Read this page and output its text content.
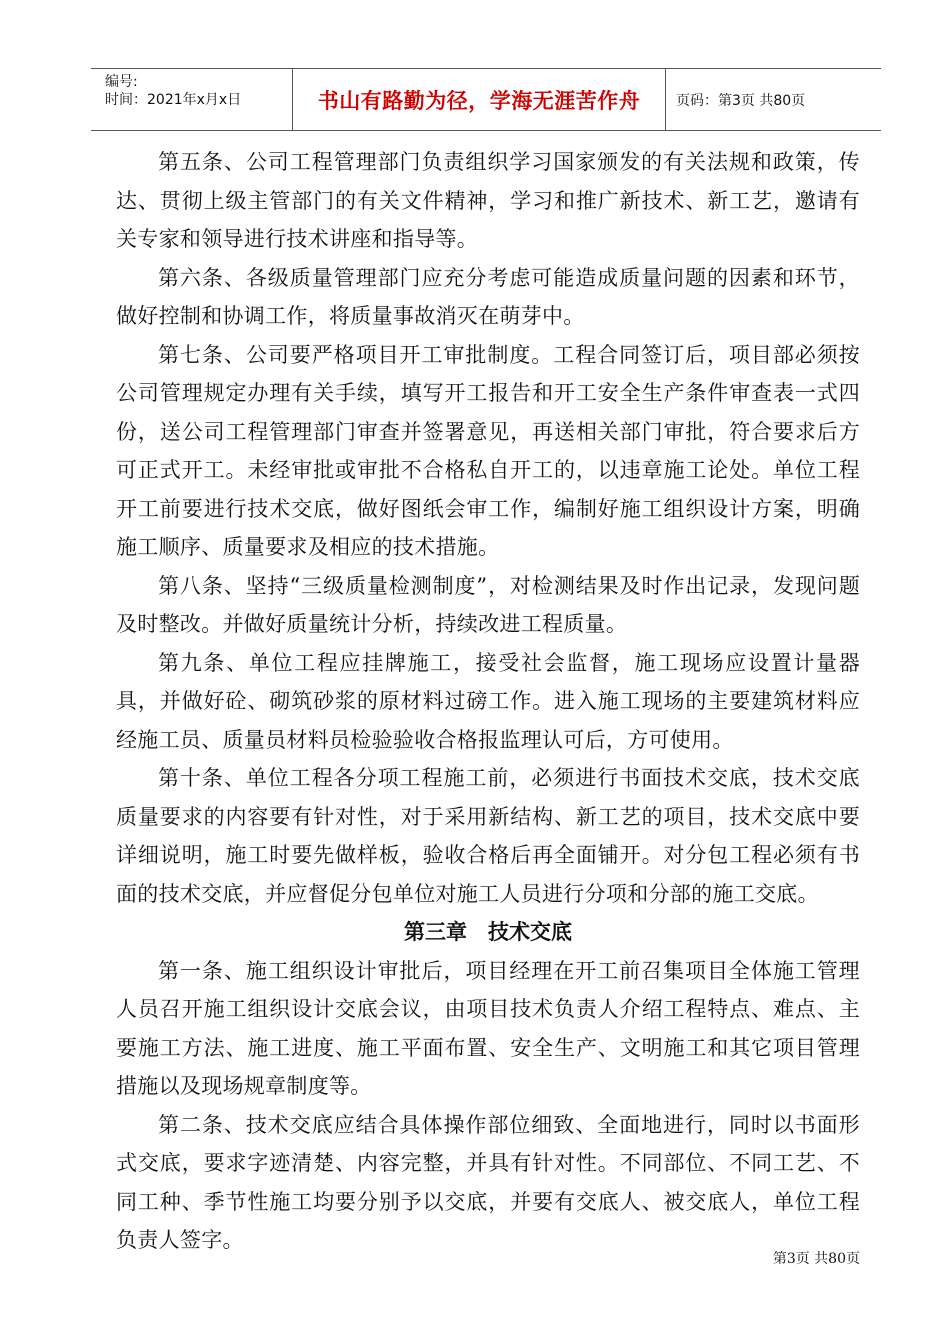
编号:
时间：2021年x月x日	书山有路勤为径，学海无涯苦作舟	页码：第3页 共80页

第五条、公司工程管理部门负责组织学习国家颁发的有关法规和政策，传达、贯彻上级主管部门的有关文件精神，学习和推广新技术、新工艺，邀请有关专家和领导进行技术讲座和指导等。

第六条、各级质量管理部门应充分考虑可能造成质量问题的因素和环节，做好控制和协调工作，将质量事故消灭在萌芽中。

第七条、公司要严格项目开工审批制度。工程合同签订后，项目部必须按公司管理规定办理有关手续，填写开工报告和开工安全生产条件审查表一式四份，送公司工程管理部门审查并签署意见，再送相关部门审批，符合要求后方可正式开工。未经审批或审批不合格私自开工的，以违章施工论处。单位工程开工前要进行技术交底，做好图纸会审工作，编制好施工组织设计方案，明确施工顺序、质量要求及相应的技术措施。

第八条、坚持“三级质量检测制度”，对检测结果及时作出记录，发现问题及时整改。并做好质量统计分析，持续改进工程质量。

第九条、单位工程应挂牌施工，接受社会监督，施工现场应设置计量器具，并做好砼、砌筑砂浆的原材料过磅工作。进入施工现场的主要建筑材料应经施工员、质量员材料员检验验收合格报监理认可后，方可使用。

第十条、单位工程各分项工程施工前，必须进行书面技术交底，技术交底质量要求的内容要有针对性，对于采用新结构、新工艺的项目，技术交底中要详细说明，施工时要先做样板，验收合格后再全面铺开。对分包工程必须有书面的技术交底，并应督促分包单位对施工人员进行分项和分部的施工交底。

第三章　技术交底

第一条、施工组织设计审批后，项目经理在开工前召集项目全体施工管理人员召开施工组织设计交底会议，由项目技术负责人介绍工程特点、难点、主要施工方法、施工进度、施工平面布置、安全生产、文明施工和其它项目管理措施以及现场规章制度等。

第二条、技术交底应结合具体操作部位细致、全面地进行，同时以书面形式交底，要求字迹清楚、内容完整，并具有针对性。不同部位、不同工艺、不同工种、季节性施工均要分别予以交底，并要有交底人、被交底人，单位工程负责人签字。

第3页 共80页
